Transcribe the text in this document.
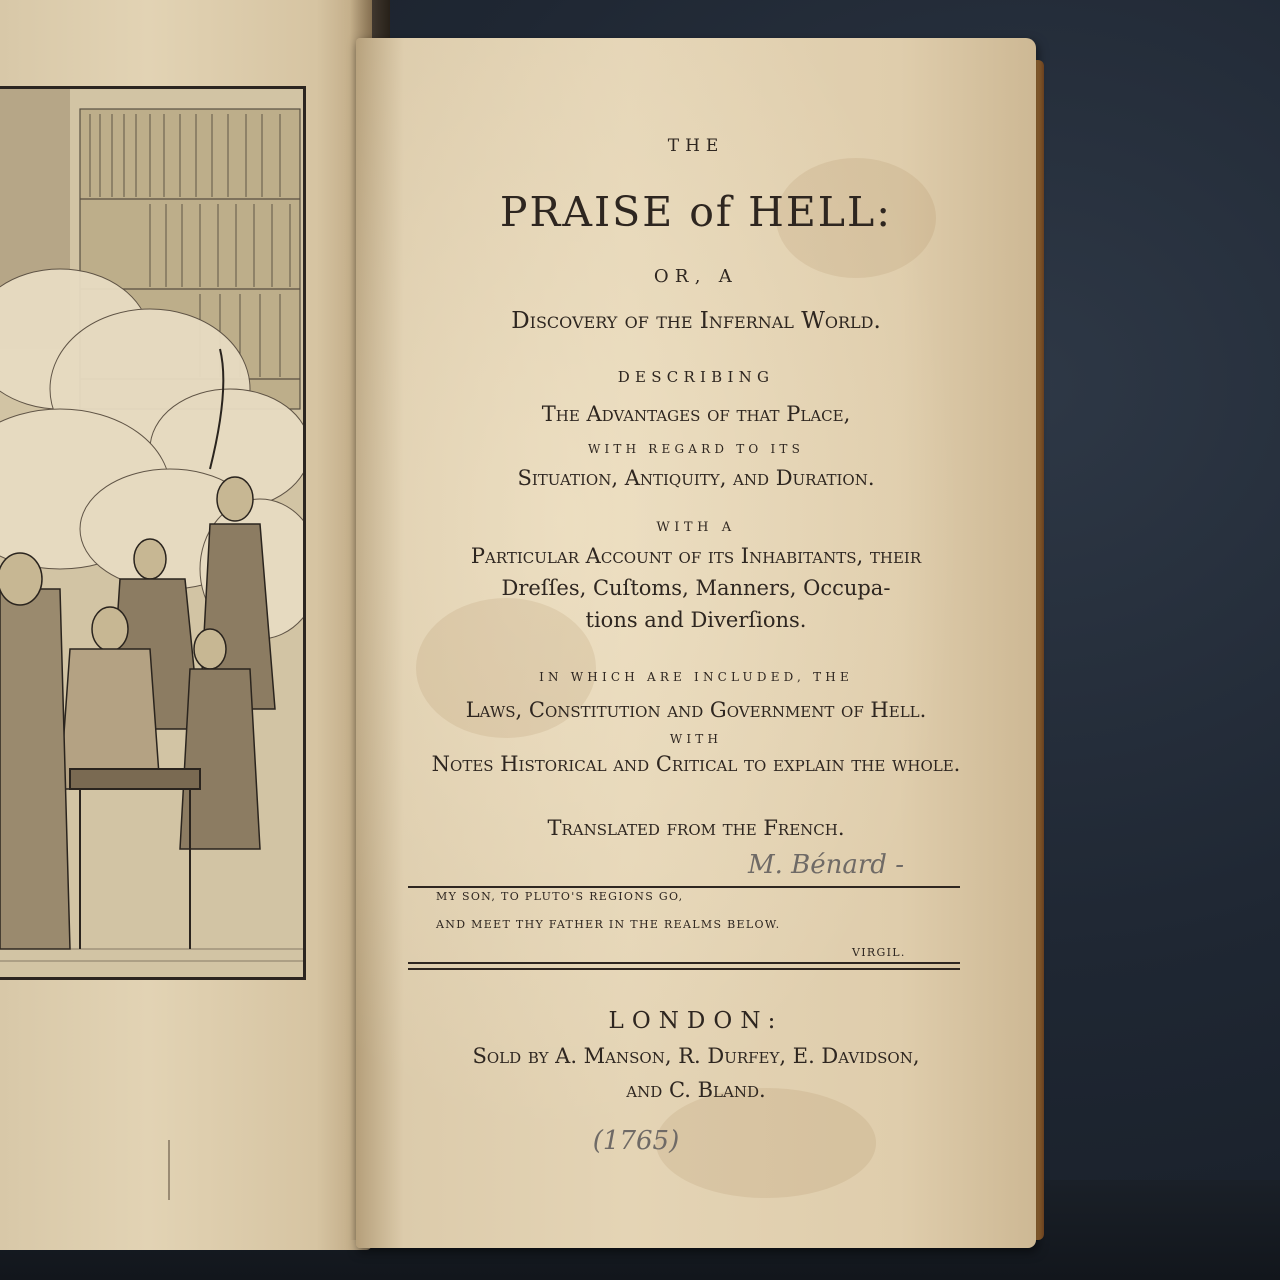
THE

PRAISE of HELL:

OR, A

Discovery of the Infernal World.

DESCRIBING

The Advantages of that Place,

WITH REGARD TO ITS

Situation, Antiquity, and Duration.

WITH A

Particular Account of its Inhabitants, their

Dreſſes, Cuſtoms, Manners, Occupa-

tions and Diverſions.

IN WHICH ARE INCLUDED, THE

Laws, Conſtitution and Government of Hell.

WITH

Notes Hiſtorical and Critical to explain the whole.

Tranſlated from the French.

M. Bénard -

MY SON, TO PLUTO'S REGIONS GO,

AND MEET THY FATHER IN THE REALMS BELOW.

VIRGIL.

LONDON:

Sold by A. Manson, R. Durfey, E. Davidson,

and C. Bland.

(1765)
